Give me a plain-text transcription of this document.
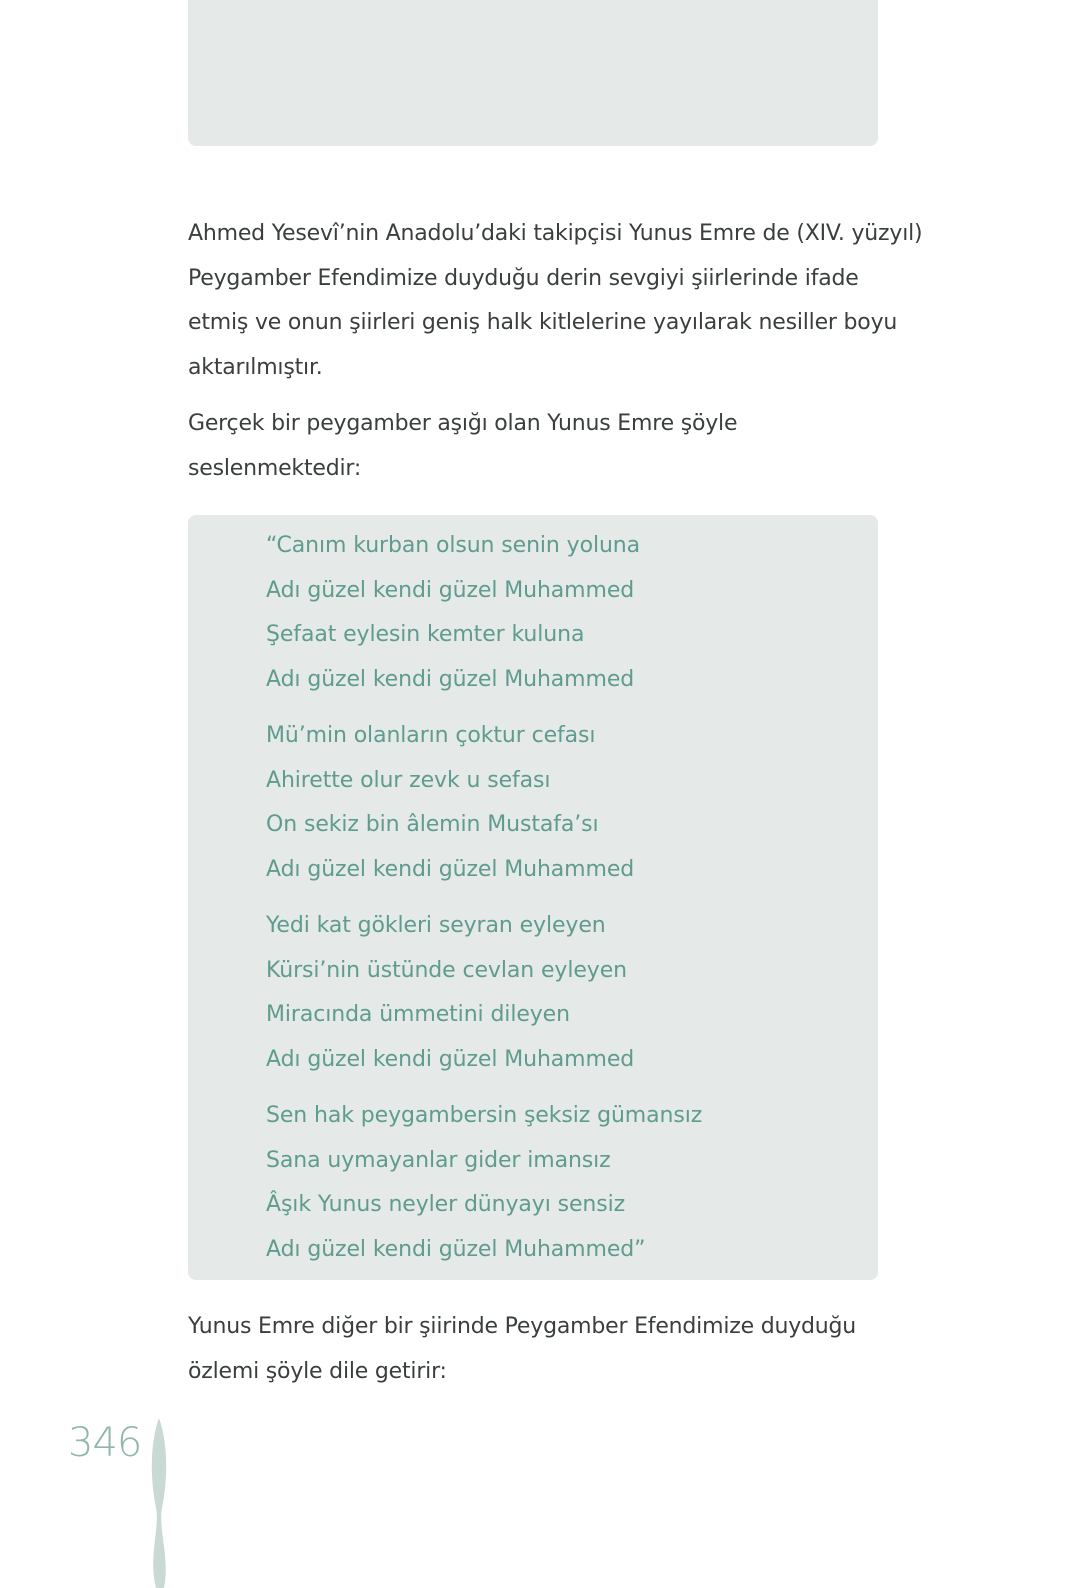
Ahmed Yesevî’nin Anadolu’daki takipçisi Yunus Emre de (XIV. yüzyıl)
Peygamber Efendimize duyduğu derin sevgiyi şiirlerinde ifade
etmiş ve onun şiirleri geniş halk kitlelerine yayılarak nesiller boyu
aktarılmıştır.
Gerçek bir peygamber aşığı olan Yunus Emre şöyle
seslenmektedir:
“Canım kurban olsun senin yoluna
Adı güzel kendi güzel Muhammed
Şefaat eylesin kemter kuluna
Adı güzel kendi güzel Muhammed
Mü’min olanların çoktur cefası
Ahirette olur zevk u sefası
On sekiz bin âlemin Mustafa’sı
Adı güzel kendi güzel Muhammed
Yedi kat gökleri seyran eyleyen
Kürsi’nin üstünde cevlan eyleyen
Miracında ümmetini dileyen
Adı güzel kendi güzel Muhammed
Sen hak peygambersin şeksiz gümansız
Sana uymayanlar gider imansız
Âşık Yunus neyler dünyayı sensiz
Adı güzel kendi güzel Muhammed”
Yunus Emre diğer bir şiirinde Peygamber Efendimize duyduğu
özlemi şöyle dile getirir:
346
